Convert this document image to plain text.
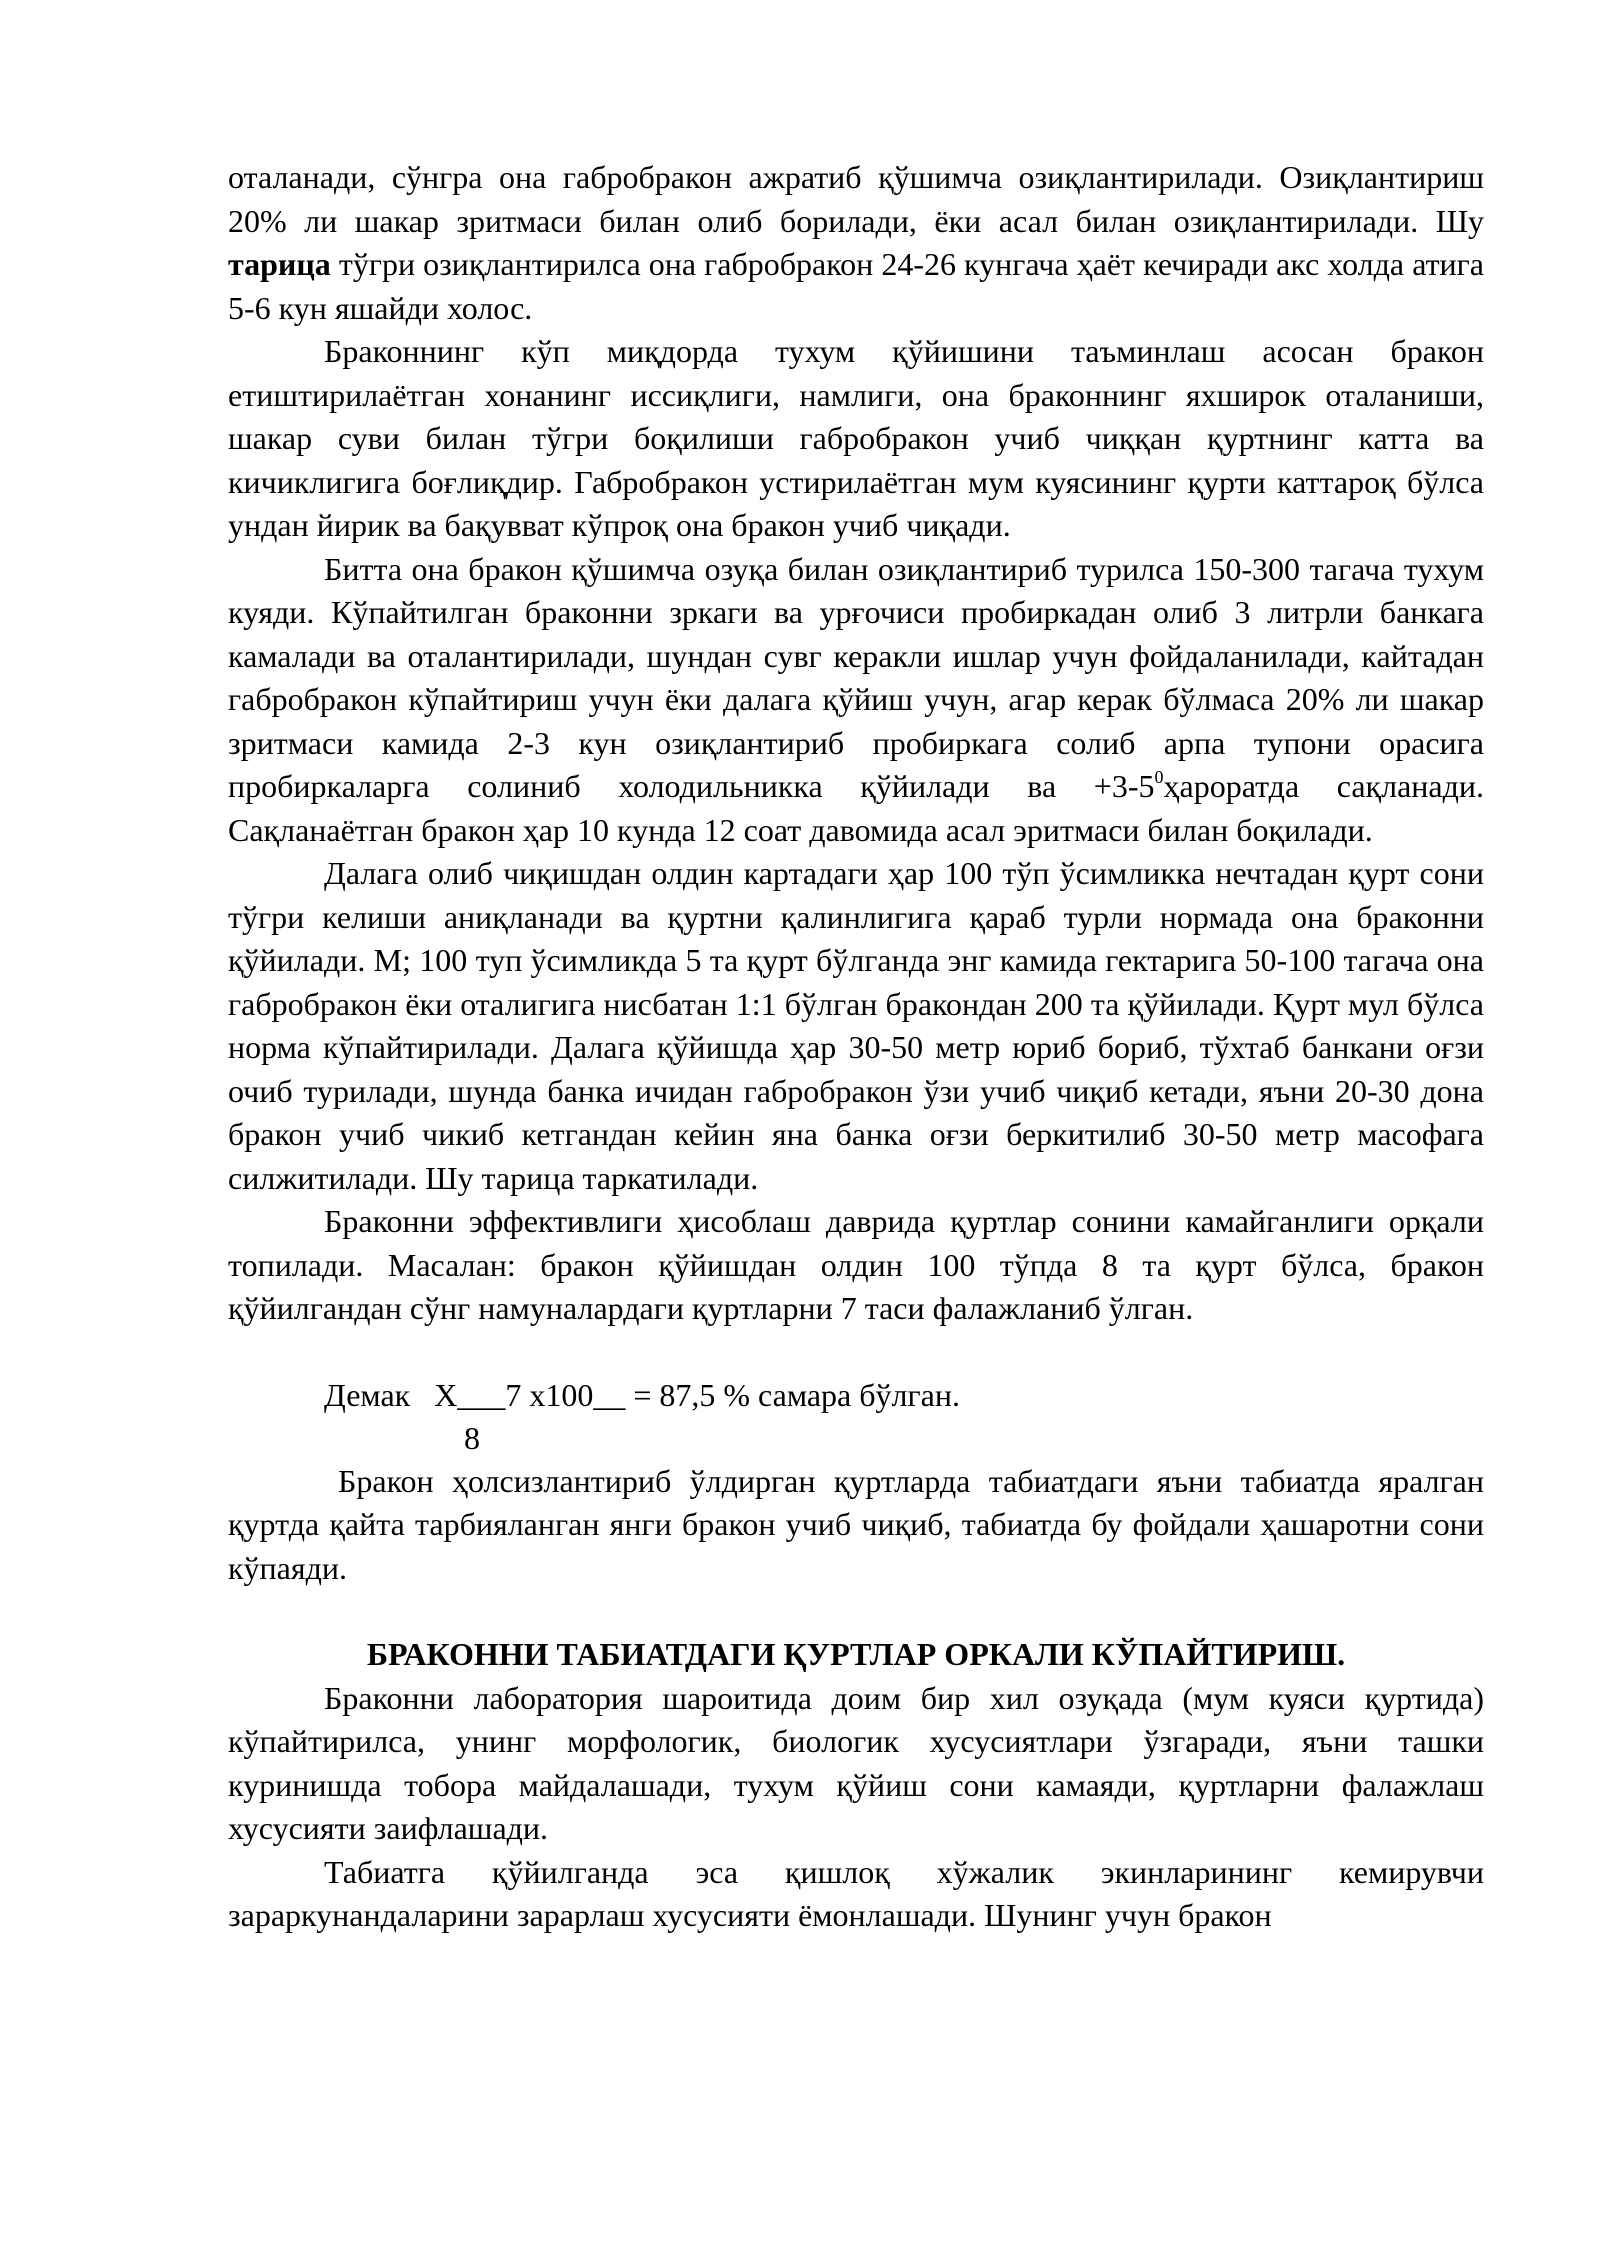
оталанади, сўнгра она габробракон ажратиб қўшимча озиқлантирилади. Озиқлантириш 20% ли шакар зритмаси билан олиб борилади, ёки асал билан озиқлантирилади. Шу тарица тўгри озиқлантирилса она габробракон 24-26 кунгача ҳаёт кечиради акс холда атига 5-6 кун яшайди холос.

Браконнинг кўп миқдорда тухум қўйишини таъминлаш асосан бракон етиштирилаётган хонанинг иссиқлиги, намлиги, она браконнинг яхширок оталаниши, шакар суви билан тўгри боқилиши габробракон учиб чиққан қуртнинг катта ва кичиклигига боғлиқдир. Габробракон устирилаётган мум куясининг қурти каттароқ бўлса ундан йирик ва бақувват кўпроқ она бракон учиб чиқади.

Битта она бракон қўшимча озуқа билан озиқлантириб турилса 150-300 тагача тухум куяди. Кўпайтилган браконни зркаги ва урғочиси пробиркадан олиб 3 литрли банкага камалади ва оталантирилади, шундан сувг керакли ишлар учун фойдаланилади, кайтадан габробракон кўпайтириш учун ёки далага қўйиш учун, агар керак бўлмаса 20% ли шакар зритмаси камида 2-3 кун озиқлантириб пробиркага солиб арпа тупони орасига пробиркаларга солиниб холодильникка қўйилади ва $+3-5^0ҳароратда$ сақланади. Сақланаётган бракон ҳар 10 кунда 12 соат давомида асал эритмаси билан боқилади.

Далага олиб чиқишдан олдин картадаги ҳар 100 тўп ўсимликка нечтадан қурт сони тўгри келиши аниқланади ва қуртни қалинлигига қараб турли нормада она браконни қўйилади. М; 100 туп ўсимликда 5 та қурт бўлганда энг камида гектарига 50-100 тагача она габробракон ёки оталигига нисбатан 1:1 бўлган бракондан 200 та қўйилади. Қурт мул бўлса норма кўпайтирилади. Далага қўйишда ҳар 30-50 метр юриб бориб, тўхтаб банкани оғзи очиб турилади, шунда банка ичидан габробракон ўзи учиб чиқиб кетади, яъни 20-30 дона бракон учиб чикиб кетгандан кейин яна банка оғзи беркитилиб 30-50 метр масофага силжитилади. Шу тарица таркатилади.

Браконни эффективлиги ҳисоблаш даврида қуртлар сонини камайганлиги орқали топилади. Масалан: бракон қўйишдан олдин 100 тўпда 8 та қурт бўлса, бракон қўйилгандан сўнг намуналардаги қуртларни 7 таси фалажланиб ўлган.

Демак   Х___7 х100__ = 87,5 % самара бўлган.
8

Бракон ҳолсизлантириб ўлдирган қуртларда табиатдаги яъни табиатда яралган қуртда қайта тарбияланган янги бракон учиб чиқиб, табиатда бу фойдали ҳашаротни сони кўпаяди.

БРАКОННИ ТАБИАТДАГИ ҚУРТЛАР ОРКАЛИ КЎПАЙТИРИШ.

Браконни лаборатория шароитида доим бир хил озуқада (мум куяси қуртида) кўпайтирилса, унинг морфологик, биологик хусусиятлари ўзгаради, яъни ташки куринишда тобора майдалашади, тухум қўйиш сони камаяди, қуртларни фалажлаш хусусияти заифлашади.

Табиатга қўйилганда эса қишлоқ хўжалик экинларининг кемирувчи зараркунандаларини зарарлаш хусусияти ёмонлашади. Шунинг учун бракон
